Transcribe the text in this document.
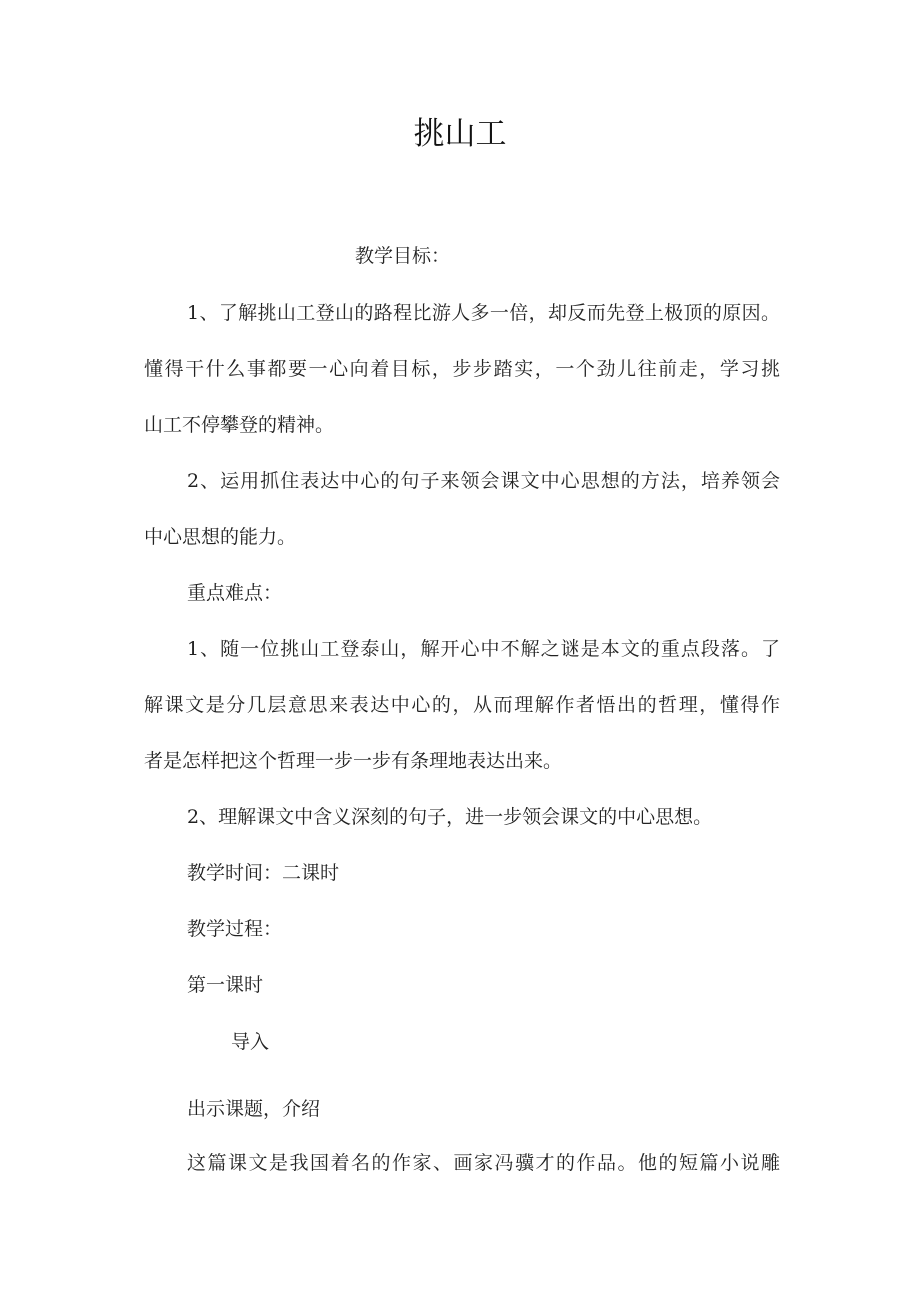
挑山工
教学目标：
1、了解挑山工登山的路程比游人多一倍，却反而先登上极顶的原因。
懂得干什么事都要一心向着目标，步步踏实，一个劲儿往前走，学习挑
山工不停攀登的精神。
2、运用抓住表达中心的句子来领会课文中心思想的方法，培养领会
中心思想的能力。
重点难点：
1、随一位挑山工登泰山，解开心中不解之谜是本文的重点段落。了
解课文是分几层意思来表达中心的，从而理解作者悟出的哲理，懂得作
者是怎样把这个哲理一步一步有条理地表达出来。
2、理解课文中含义深刻的句子，进一步领会课文的中心思想。
教学时间：二课时
教学过程：
第一课时
导入
出示课题，介绍
这篇课文是我国着名的作家、画家冯骥才的作品。他的短篇小说雕
